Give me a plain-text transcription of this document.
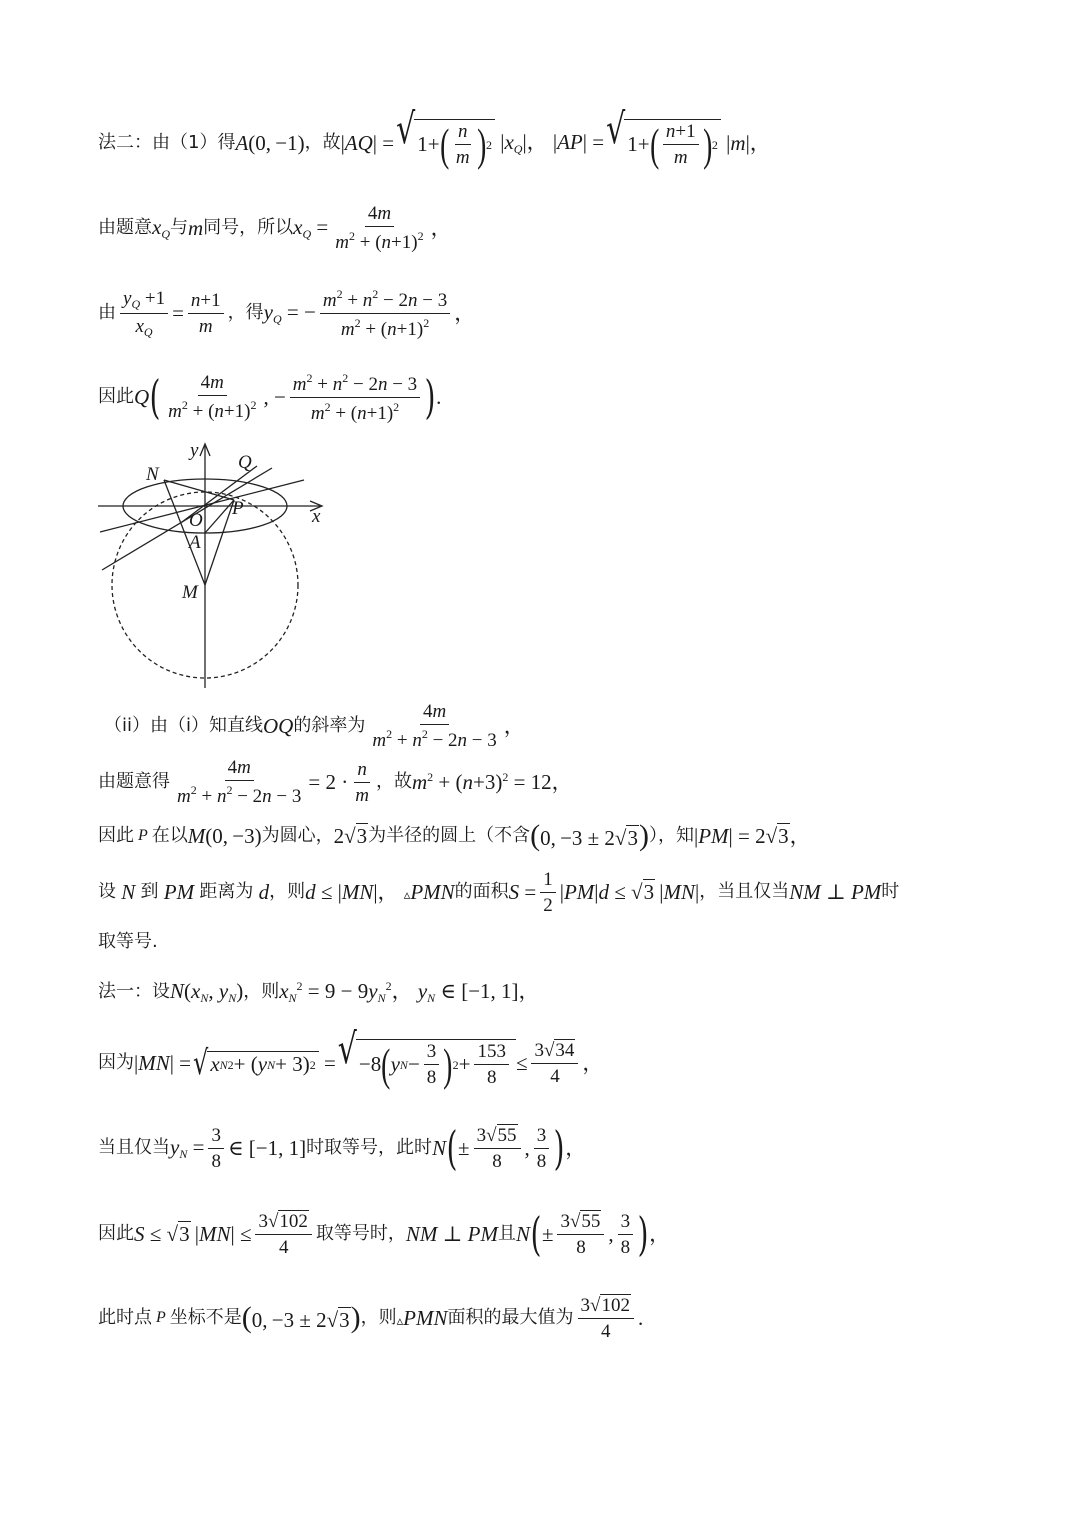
法二：由（1）得 A(0, −1) ，故 |AQ| = √ 1+ ( $\frac{n}{m}$ ) 2 $|x_Q|$， |AP| = √ 1+ ( $\frac{n+1}{m}$ ) 2 |m|，
由题意 $x_Q$ 与 m 同号，所以 $x_Q = \frac{4m}{m^2 + (n+1)^2}$ ，
由 $\frac{y_Q +1}{x_Q} = \frac{n+1}{m}$ ，得 $y_Q$ = − $\frac{m^2 + n^2 - 2n - 3}{m^2 + (n+1)^2}$ ，
因此 Q ( $\frac{4m}{m^2 + (n+1)^2}$ , − $\frac{m^2 + n^2 - 2n - 3}{m^2 + (n+1)^2}$ ) .
y
x
N
Q
P
O
A
M
（ii）由（i）知直线 OQ 的斜率为 $\frac{4m}{m^2 + n^2 - 2n - 3}$ ，
由题意得 $\frac{4m}{m^2 + n^2 - 2n - 3} = 2 \cdot \frac{n}{m}$ ，故 $m^2 + (n+3)^2 = 12$，
因此 P 在以 M(0, −3) 为圆心， 2√3 为半径的圆上（不含 (0, −3 ± 2√3) ），知 |PM| = 2√3，
设 N 到 PM 距离为 d ，则 d ≤ |MN|， ▵PMN 的面积 $S = \frac{1}{2} |PM|d \le √3$ |MN| ，当且仅当 NM ⊥ PM 时
取等号.
法一：设 $N(x_N$, $y_N$) ，则 $x_N^2 = 9 - 9y_N^2$， $y_N$ ∈ [−1, 1]，
因为 |MN| = √ x N 2 + ( y N + 3) 2 = √ −8 ( y $N - \frac{3}{8}$ ) $2 + \frac{153}{8} \le \frac{3√34}{4}$ ，
当且仅当 $y_N = \frac{3}{8}$ ∈ [−1, 1] 时取等号，此时 N ( ± $\frac{3√55}{8}$ , $\frac{3}{8}$ ) ，
因此 S ≤ √3 $|MN| \le \frac{3√102}{4}$ 取等号时， NM ⊥ PM 且 N ( ± $\frac{3√55}{8}$ , $\frac{3}{8}$ ) ，
此时点 P 坐标不是 (0, −3 ± 2√3) ，则 ▵PMN 面积的最大值为 $\frac{3√102}{4}$ .
